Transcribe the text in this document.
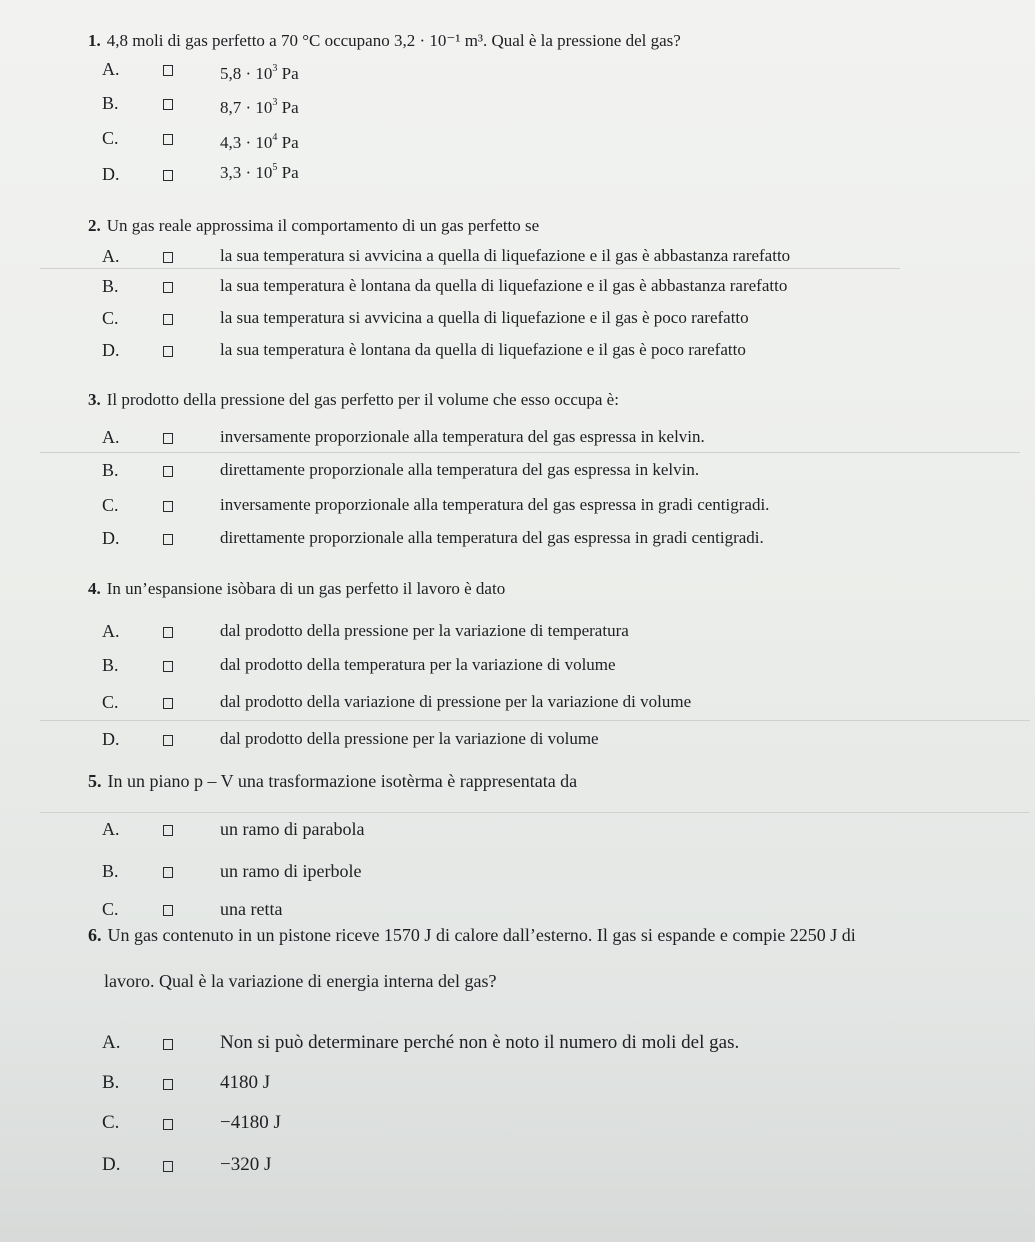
1. 4,8 moli di gas perfetto a 70 °C occupano 3,2 · 10⁻¹ m³. Qual è la pressione del gas?
A.	$5,8 \cdot 10^3$ Pa
B.	$8,7 \cdot 10^3$ Pa
C.	$4,3 \cdot 10^4$ Pa
D.	$3,3 \cdot 10^5$ Pa
2. Un gas reale approssima il comportamento di un gas perfetto se
A.	la sua temperatura si avvicina a quella di liquefazione e il gas è abbastanza rarefatto
B.	la sua temperatura è lontana da quella di liquefazione e il gas è abbastanza rarefatto
C.	la sua temperatura si avvicina a quella di liquefazione e il gas è poco rarefatto
D.	la sua temperatura è lontana da quella di liquefazione e il gas è poco rarefatto
3. Il prodotto della pressione del gas perfetto per il volume che esso occupa è:
A.	inversamente proporzionale alla temperatura del gas espressa in kelvin.
B.	direttamente proporzionale alla temperatura del gas espressa in kelvin.
C.	inversamente proporzionale alla temperatura del gas espressa in gradi centigradi.
D.	direttamente proporzionale alla temperatura del gas espressa in gradi centigradi.
4. In un’espansione isòbara di un gas perfetto il lavoro è dato
A.	dal prodotto della pressione per la variazione di temperatura
B.	dal prodotto della temperatura per la variazione di volume
C.	dal prodotto della variazione di pressione per la variazione di volume
D.	dal prodotto della pressione per la variazione di volume
5. In un piano p – V una trasformazione isotèrma è rappresentata da
A.	un ramo di parabola
B.	un ramo di iperbole
C.	una retta
6. Un gas contenuto in un pistone riceve 1570 J di calore dall’esterno. Il gas si espande e compie 2250 J di
lavoro. Qual è la variazione di energia interna del gas?
A.	Non si può determinare perché non è noto il numero di moli del gas.
B.	4180 J
C.	−4180 J
D.	−320 J
